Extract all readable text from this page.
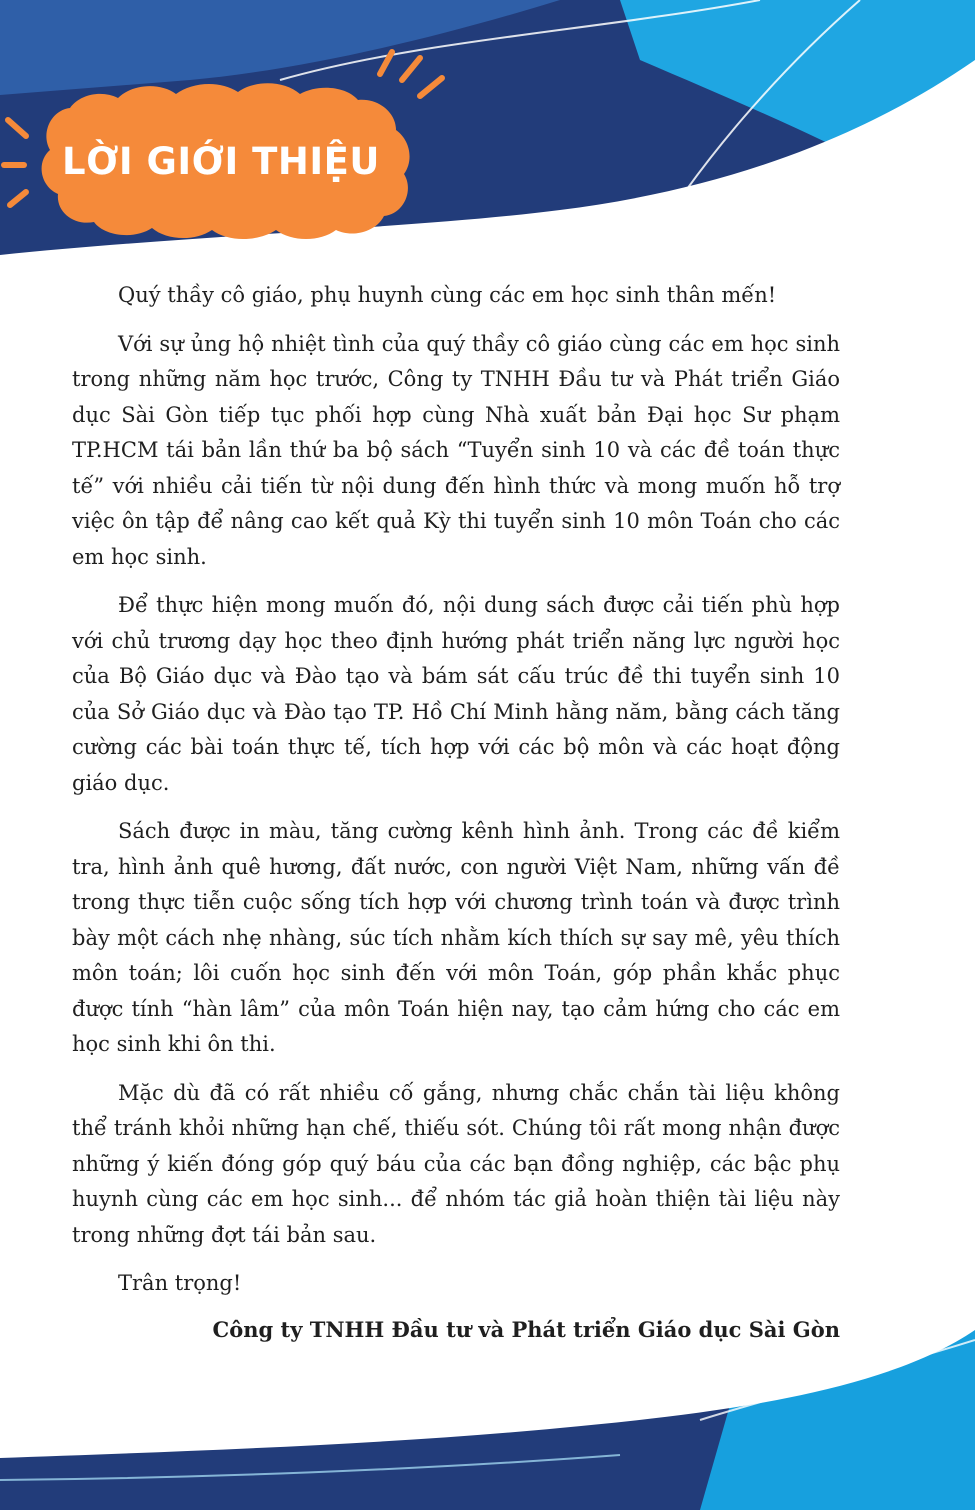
LỜI GIỚI THIỆU

Quý thầy cô giáo, phụ huynh cùng các em học sinh thân mến!

Với sự ủng hộ nhiệt tình của quý thầy cô giáo cùng các em học sinh trong những năm học trước, Công ty TNHH Đầu tư và Phát triển Giáo dục Sài Gòn tiếp tục phối hợp cùng Nhà xuất bản Đại học Sư phạm TP.HCM tái bản lần thứ ba bộ sách “Tuyển sinh 10 và các đề toán thực tế” với nhiều cải tiến từ nội dung đến hình thức và mong muốn hỗ trợ việc ôn tập để nâng cao kết quả Kỳ thi tuyển sinh 10 môn Toán cho các em học sinh.

Để thực hiện mong muốn đó, nội dung sách được cải tiến phù hợp với chủ trương dạy học theo định hướng phát triển năng lực người học của Bộ Giáo dục và Đào tạo và bám sát cấu trúc đề thi tuyển sinh 10 của Sở Giáo dục và Đào tạo TP. Hồ Chí Minh hằng năm, bằng cách tăng cường các bài toán thực tế, tích hợp với các bộ môn và các hoạt động giáo dục.

Sách được in màu, tăng cường kênh hình ảnh. Trong các đề kiểm tra, hình ảnh quê hương, đất nước, con người Việt Nam, những vấn đề trong thực tiễn cuộc sống tích hợp với chương trình toán và được trình bày một cách nhẹ nhàng, súc tích nhằm kích thích sự say mê, yêu thích môn toán; lôi cuốn học sinh đến với môn Toán, góp phần khắc phục được tính “hàn lâm” của môn Toán hiện nay, tạo cảm hứng cho các em học sinh khi ôn thi.

Mặc dù đã có rất nhiều cố gắng, nhưng chắc chắn tài liệu không thể tránh khỏi những hạn chế, thiếu sót. Chúng tôi rất mong nhận được những ý kiến đóng góp quý báu của các bạn đồng nghiệp, các bậc phụ huynh cùng các em học sinh... để nhóm tác giả hoàn thiện tài liệu này trong những đợt tái bản sau.

Trân trọng!

Công ty TNHH Đầu tư và Phát triển Giáo dục Sài Gòn
